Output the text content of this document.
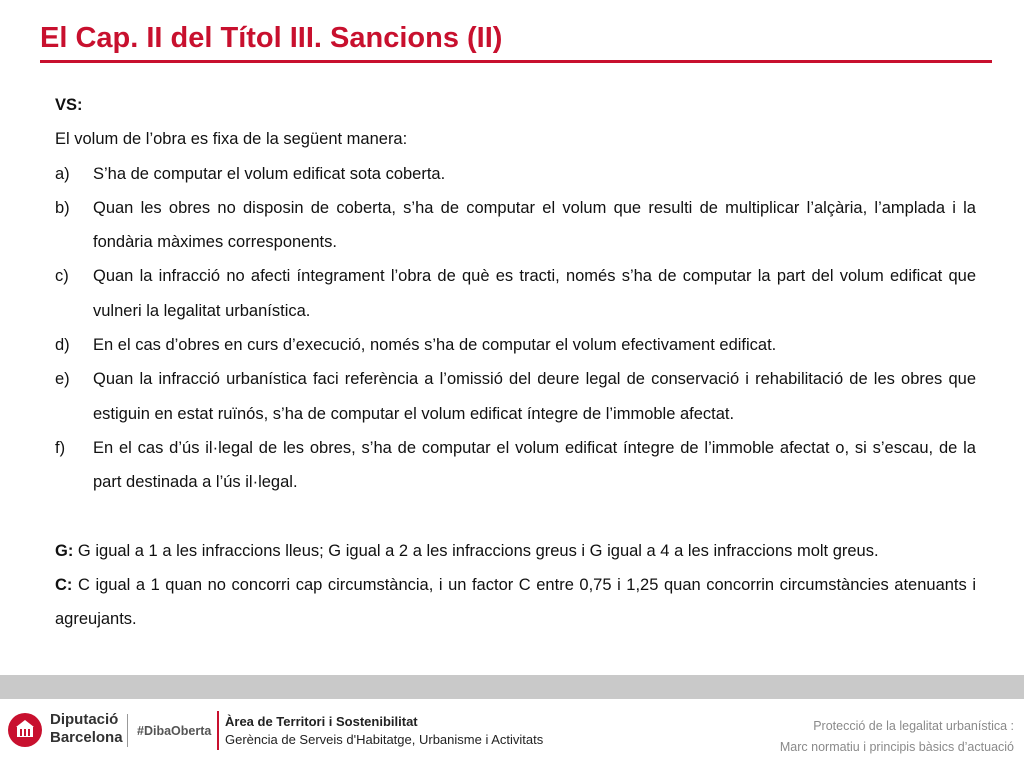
El Cap. II del Títol III. Sancions (II)

VS:

El volum de l’obra es fixa de la següent manera:

a) S’ha de computar el volum edificat sota coberta.
b) Quan les obres no disposin de coberta, s’ha de computar el volum que resulti de multiplicar l’alçària, l’amplada i la fondària màximes corresponents.
c) Quan la infracció no afecti íntegrament l’obra de què es tracti, només s’ha de computar la part del volum edificat que vulneri la legalitat urbanística.
d) En el cas d’obres en curs d’execució, només s’ha de computar el volum efectivament edificat.
e) Quan la infracció urbanística faci referència a l’omissió del deure legal de conservació i rehabilitació de les obres que estiguin en estat ruïnós, s’ha de computar el volum edificat íntegre de l’immoble afectat.
f) En el cas d’ús il·legal de les obres, s’ha de computar el volum edificat íntegre de l’immoble afectat o, si s’escau, de la part destinada a l’ús il·legal.

G: G igual a 1 a les infraccions lleus; G igual a 2 a les infraccions greus i G igual a 4 a les infraccions molt greus.

C: C igual a 1 quan no concorri cap circumstància, i un factor C entre 0,75 i 1,25 quan concorrin circumstàncies atenuants i agreujants.

Diputació
Barcelona #DibaOberta
Àrea de Territori i Sostenibilitat
Gerència de Serveis d'Habitatge, Urbanisme i Activitats
Protecció de la legalitat urbanística :
Marc normatiu i principis bàsics d’actuació
